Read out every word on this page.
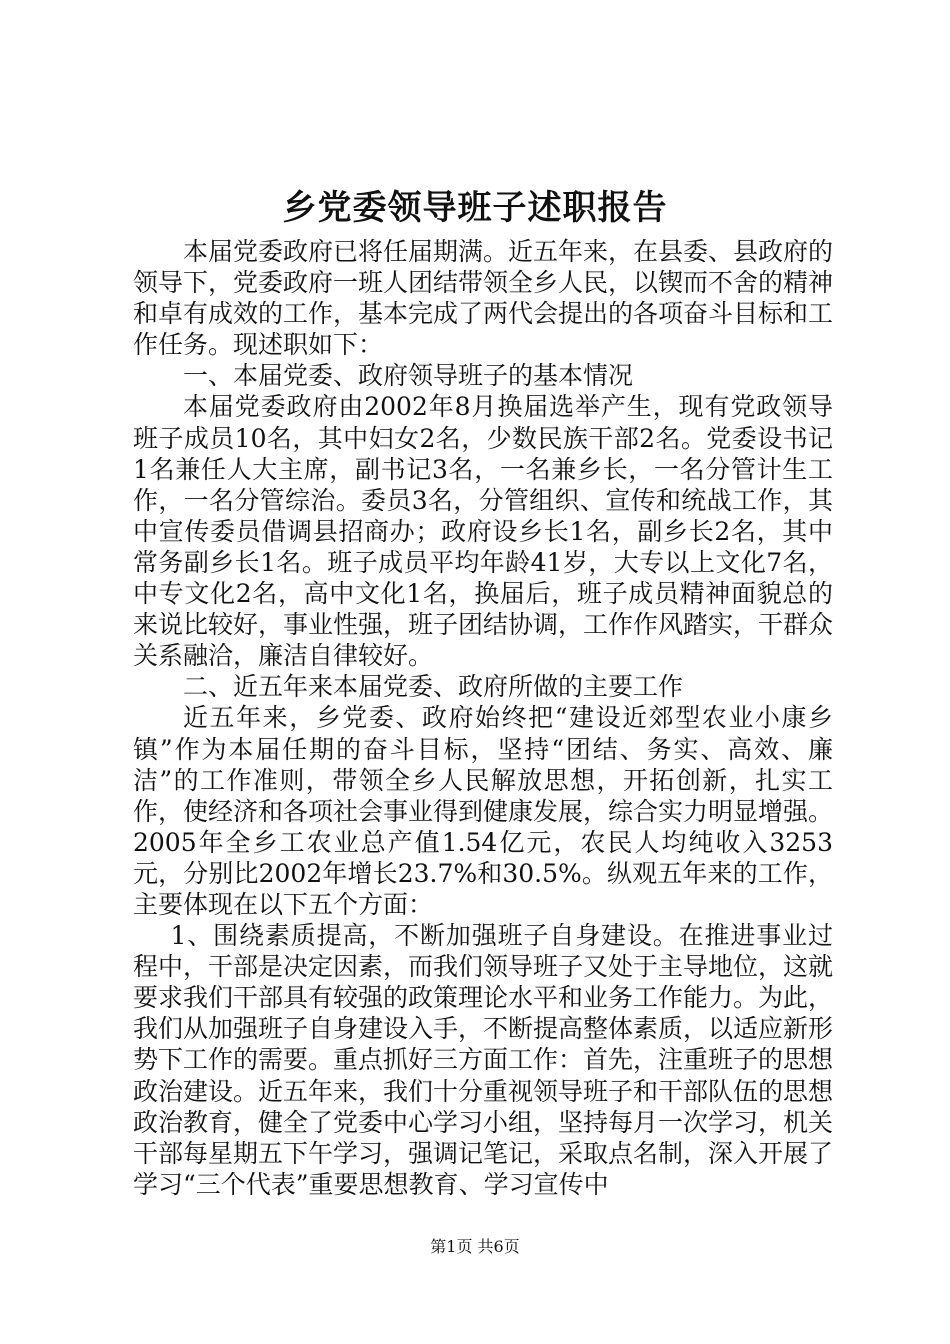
乡党委领导班子述职报告

本届党委政府已将任届期满。近五年来，在县委、县政府的领导下，党委政府一班人团结带领全乡人民，以锲而不舍的精神和卓有成效的工作，基本完成了两代会提出的各项奋斗目标和工作任务。现述职如下：

一、本届党委、政府领导班子的基本情况

本届党委政府由2002年8月换届选举产生，现有党政领导班子成员10名，其中妇女2名，少数民族干部2名。党委设书记1名兼任人大主席，副书记3名，一名兼乡长，一名分管计生工作，一名分管综治。委员3名，分管组织、宣传和统战工作，其中宣传委员借调县招商办；政府设乡长1名，副乡长2名，其中常务副乡长1名。班子成员平均年龄41岁，大专以上文化7名，中专文化2名，高中文化1名，换届后，班子成员精神面貌总的来说比较好，事业性强，班子团结协调，工作作风踏实，干群众关系融洽，廉洁自律较好。

二、近五年来本届党委、政府所做的主要工作

近五年来，乡党委、政府始终把“建设近郊型农业小康乡镇”作为本届任期的奋斗目标，坚持“团结、务实、高效、廉洁”的工作准则，带领全乡人民解放思想，开拓创新，扎实工作，使经济和各项社会事业得到健康发展，综合实力明显增强。2005年全乡工农业总产值1.54亿元，农民人均纯收入3253元，分别比2002年增长23.7%和30.5%。纵观五年来的工作，主要体现在以下五个方面：

1、围绕素质提高，不断加强班子自身建设。在推进事业过程中，干部是决定因素，而我们领导班子又处于主导地位，这就要求我们干部具有较强的政策理论水平和业务工作能力。为此，我们从加强班子自身建设入手，不断提高整体素质，以适应新形势下工作的需要。重点抓好三方面工作：首先，注重班子的思想政治建设。近五年来，我们十分重视领导班子和干部队伍的思想政治教育，健全了党委中心学习小组，坚持每月一次学习，机关干部每星期五下午学习，强调记笔记，采取点名制，深入开展了学习“三个代表”重要思想教育、学习宣传中

第1页 共6页
